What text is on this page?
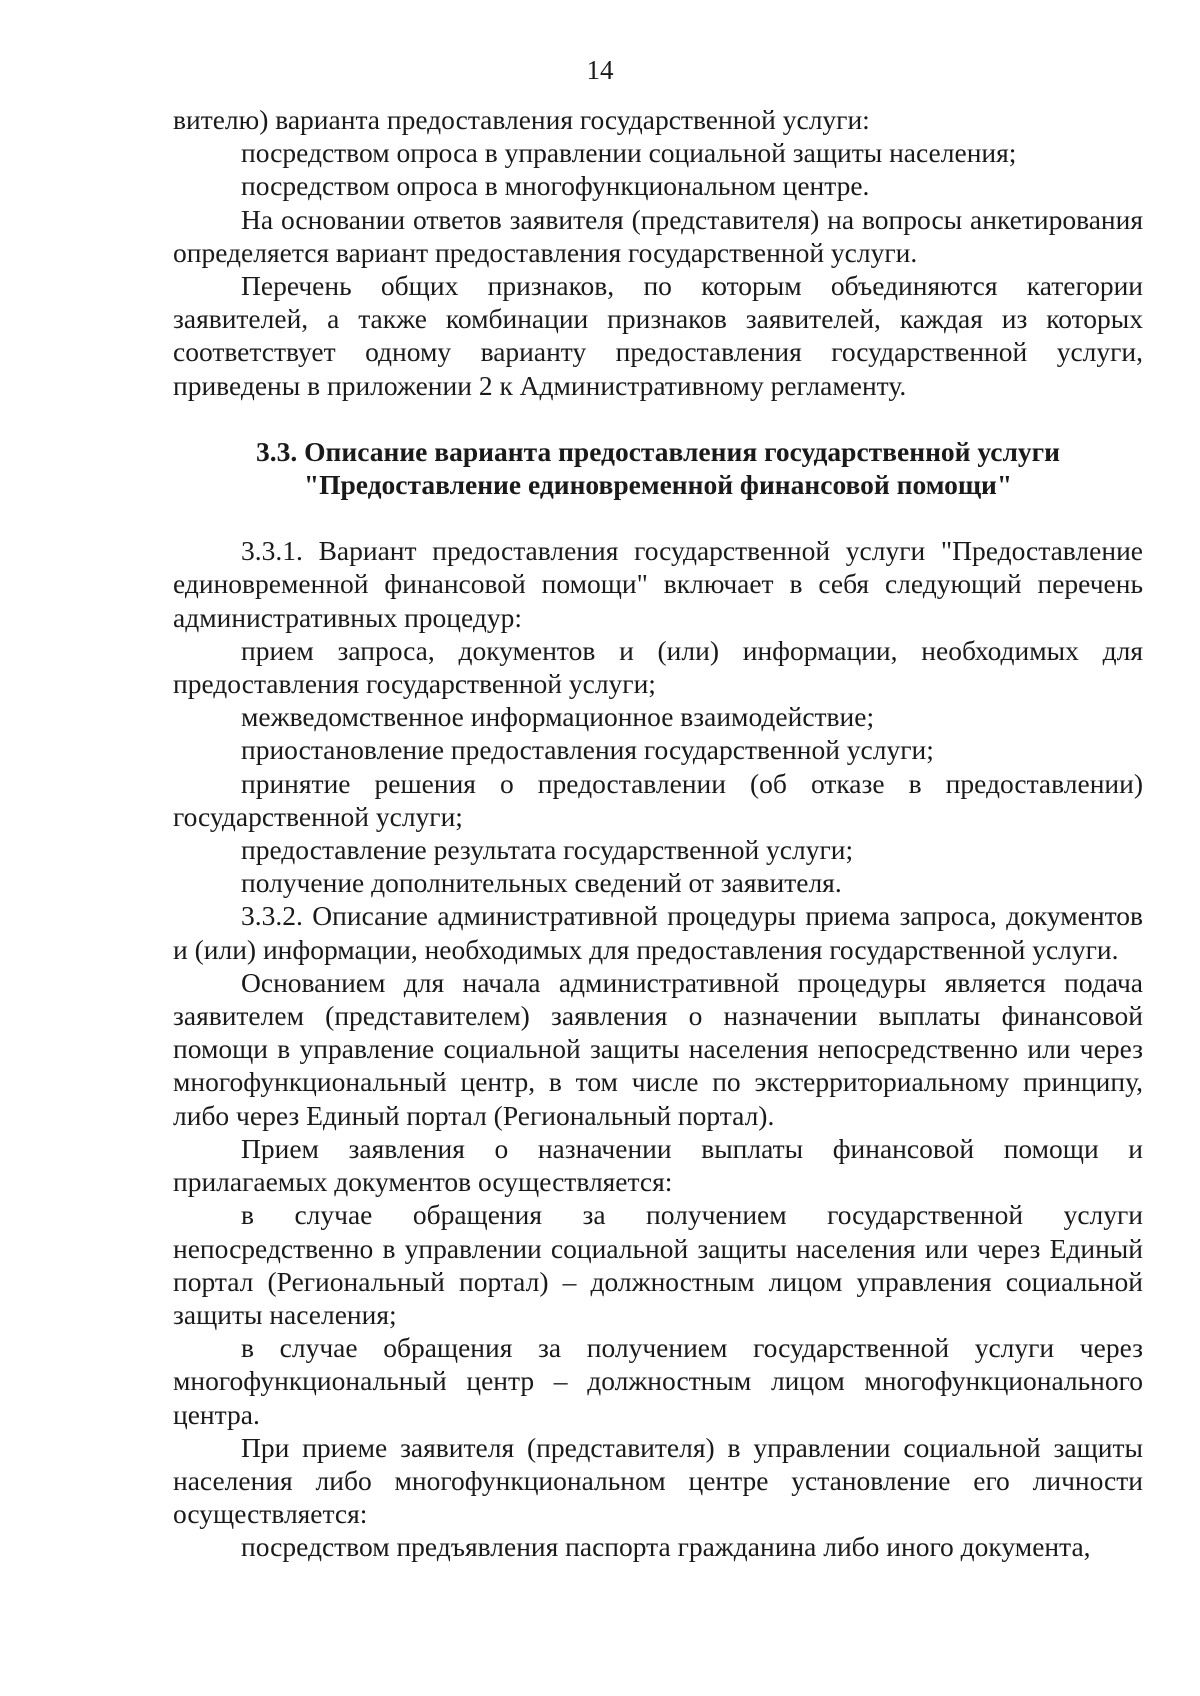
14

вителю) варианта предоставления государственной услуги:

посредством опроса в управлении социальной защиты населения;

посредством опроса в многофункциональном центре.

На основании ответов заявителя (представителя) на вопросы анкетирования определяется вариант предоставления государственной услуги.

Перечень общих признаков, по которым объединяются категории заявителей, а также комбинации признаков заявителей, каждая из которых соответствует одному варианту предоставления государственной услуги, приведены в приложении 2 к Административному регламенту.

3.3. Описание варианта предоставления государственной услуги
"Предоставление единовременной финансовой помощи"

3.3.1. Вариант предоставления государственной услуги "Предоставление единовременной финансовой помощи" включает в себя следующий перечень административных процедур:

прием запроса, документов и (или) информации, необходимых для предоставления государственной услуги;

межведомственное информационное взаимодействие;

приостановление предоставления государственной услуги;

принятие решения о предоставлении (об отказе в предоставлении) государственной услуги;

предоставление результата государственной услуги;

получение дополнительных сведений от заявителя.

3.3.2. Описание административной процедуры приема запроса, документов и (или) информации, необходимых для предоставления государственной услуги.

Основанием для начала административной процедуры является подача заявителем (представителем) заявления о назначении выплаты финансовой помощи в управление социальной защиты населения непосредственно или через многофункциональный центр, в том числе по экстерриториальному принципу, либо через Единый портал (Региональный портал).

Прием заявления о назначении выплаты финансовой помощи и прилагаемых документов осуществляется:

в случае обращения за получением государственной услуги непосредственно в управлении социальной защиты населения или через Единый портал (Региональный портал) – должностным лицом управления социальной защиты населения;

в случае обращения за получением государственной услуги через многофункциональный центр – должностным лицом многофункционального центра.

При приеме заявителя (представителя) в управлении социальной защиты населения либо многофункциональном центре установление его личности осуществляется:

посредством предъявления паспорта гражданина либо иного документа,
